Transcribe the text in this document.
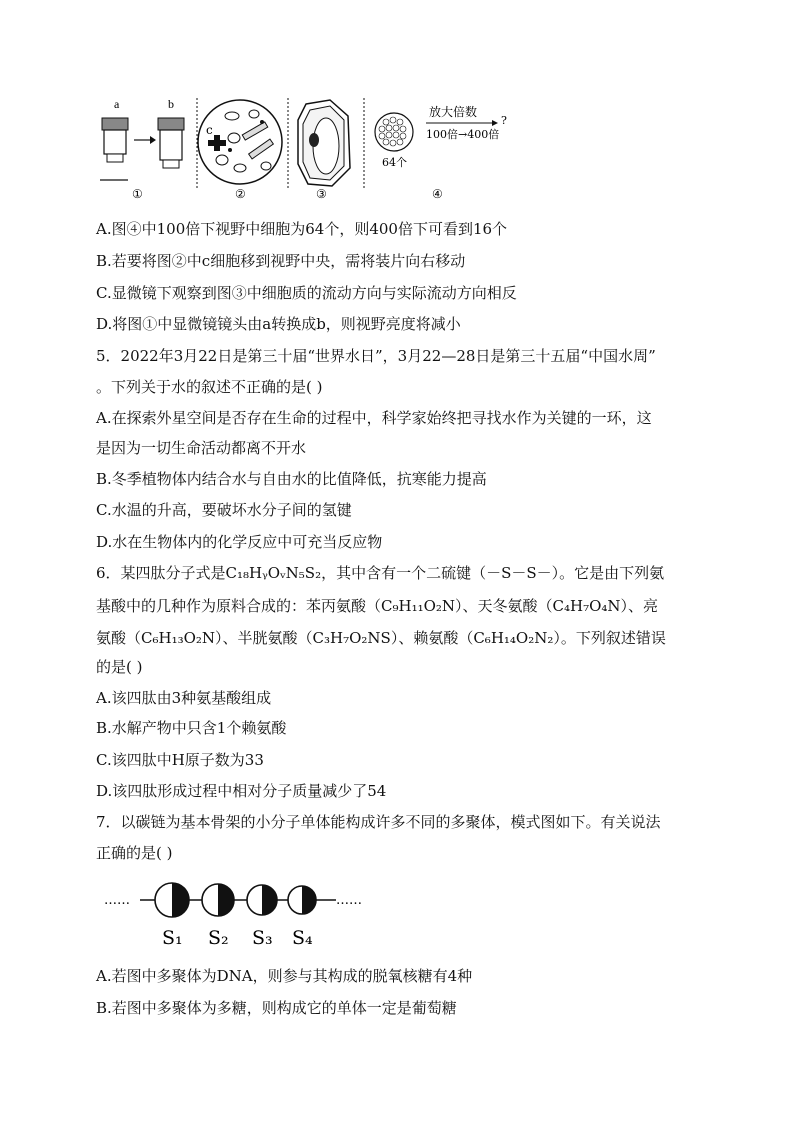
a	b
①
c
②	③
64个
放大倍数
?
100倍→400倍
④
A.图④中100倍下视野中细胞为64个，则400倍下可看到16个
B.若要将图②中c细胞移到视野中央，需将装片向右移动
C.显微镜下观察到图③中细胞质的流动方向与实际流动方向相反
D.将图①中显微镜镜头由a转换成b，则视野亮度将减小
5．2022年3月22日是第三十届“世界水日”，3月22—28日是第三十五届“中国水周”
。下列关于水的叙述不正确的是( )
A.在探索外星空间是否存在生命的过程中，科学家始终把寻找水作为关键的一环，这
是因为一切生命活动都离不开水
B.冬季植物体内结合水与自由水的比值降低，抗寒能力提高
C.水温的升高，要破坏水分子间的氢键
D.水在生物体内的化学反应中可充当反应物
6．某四肽分子式是C₁₈HᵧOᵥN₅S₂，其中含有一个二硫键（－S－S－）。它是由下列氨
基酸中的几种作为原料合成的：苯丙氨酸（C₉H₁₁O₂N）、天冬氨酸（C₄H₇O₄N）、亮
氨酸（C₆H₁₃O₂N）、半胱氨酸（C₃H₇O₂NS）、赖氨酸（C₆H₁₄O₂N₂）。下列叙述错误
的是( )
A.该四肽由3种氨基酸组成
B.水解产物中只含1个赖氨酸
C.该四肽中H原子数为33
D.该四肽形成过程中相对分子质量减少了54
7．以碳链为基本骨架的小分子单体能构成许多不同的多聚体，模式图如下。有关说法
正确的是( )
……	……
S₁ S₂ S₃ S₄
A.若图中多聚体为DNA，则参与其构成的脱氧核糖有4种
B.若图中多聚体为多糖，则构成它的单体一定是葡萄糖
